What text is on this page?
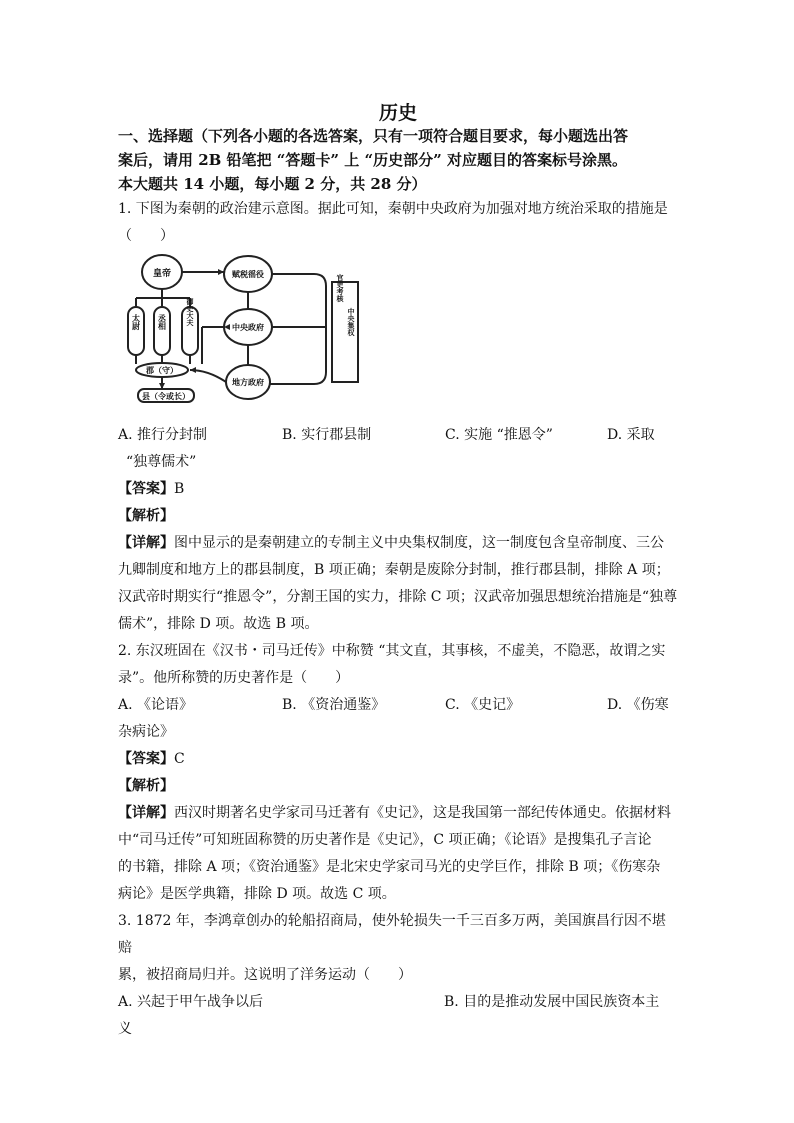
历史
一、选择题（下列各小题的各选答案，只有一项符合题目要求，每小题选出答
案后，请用 2B 铅笔把 “答题卡” 上 “历史部分” 对应题目的答案标号涂黑。
本大题共 14 小题，每小题 2 分，共 28 分）
1. 下图为秦朝的政治建示意图。据此可知，秦朝中央政府为加强对地方统治采取的措施是
（　　）
皇帝
太尉 丞相	御史大夫
郡（守）
县（令或长）
赋税徭役
中央政府
地方政府
官吏考核
中央集权
A. 推行分封制	B. 实行郡县制	C. 实施 “推恩令”	D. 采取
“独尊儒术”
【答案】B
【解析】
【详解】图中显示的是秦朝建立的专制主义中央集权制度，这一制度包含皇帝制度、三公
九卿制度和地方上的郡县制度，B 项正确；秦朝是废除分封制，推行郡县制，排除 A 项；
汉武帝时期实行“推恩令”，分割王国的实力，排除 C 项；汉武帝加强思想统治措施是“独尊
儒术”，排除 D 项。故选 B 项。
2. 东汉班固在《汉书・司马迁传》中称赞 “其文直，其事核，不虚美，不隐恶，故谓之实
录”。他所称赞的历史著作是（　　）
A. 《论语》	B. 《资治通鉴》	C. 《史记》	D. 《伤寒
杂病论》
【答案】C
【解析】
【详解】西汉时期著名史学家司马迁著有《史记》，这是我国第一部纪传体通史。依据材料
中“司马迁传”可知班固称赞的历史著作是《史记》，C 项正确；《论语》是搜集孔子言论
的书籍，排除 A 项；《资治通鉴》是北宋史学家司马光的史学巨作，排除 B 项；《伤寒杂
病论》是医学典籍，排除 D 项。故选 C 项。
3. 1872 年，李鸿章创办的轮船招商局，使外轮损失一千三百多万两，美国旗昌行因不堪赔
累，被招商局归并。这说明了洋务运动（　　）
A. 兴起于甲午战争以后	B. 目的是推动发展中国民族资本主
义
